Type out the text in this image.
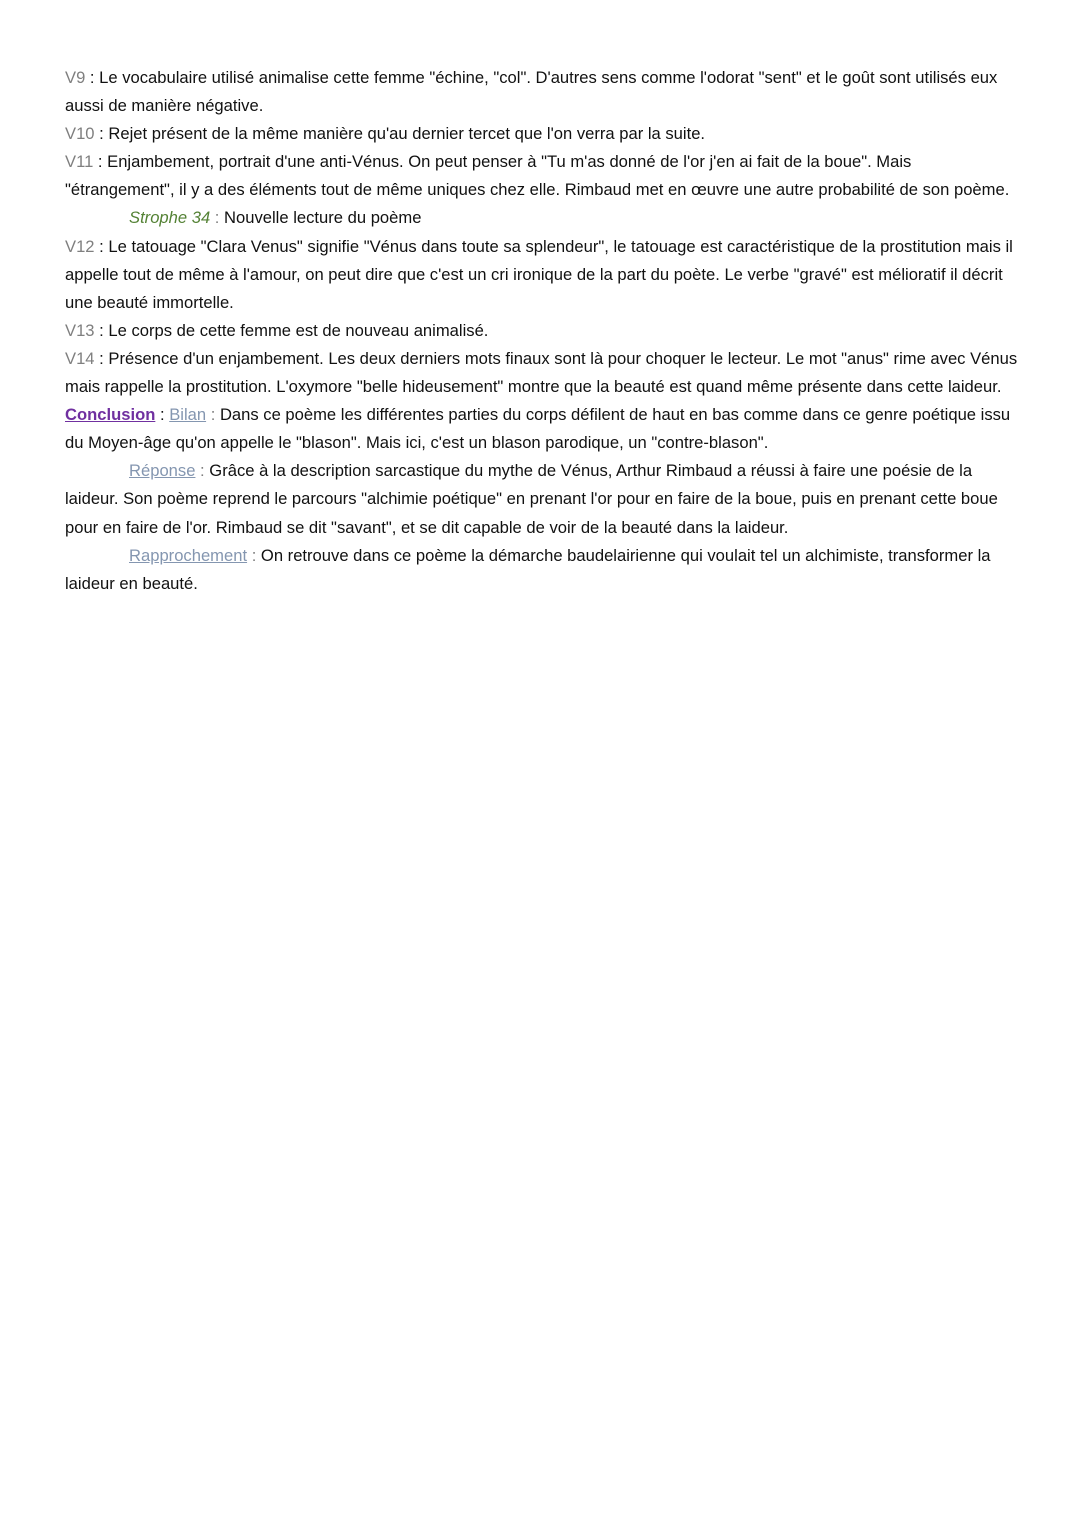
V9 : Le vocabulaire utilisé animalise cette femme "échine, "col". D'autres sens comme l'odorat "sent" et le goût sont utilisés eux aussi de manière négative.

V10 : Rejet présent de la même manière qu'au dernier tercet que l'on verra par la suite.

V11 : Enjambement, portrait d'une anti-Vénus. On peut penser à "Tu m'as donné de l'or j'en ai fait de la boue". Mais "étrangement", il y a des éléments tout de même uniques chez elle. Rimbaud met en œuvre une autre probabilité de son poème.

Strophe 34 : Nouvelle lecture du poème

V12 : Le tatouage "Clara Venus" signifie "Vénus dans toute sa splendeur", le tatouage est caractéristique de la prostitution mais il appelle tout de même à l'amour, on peut dire que c'est un cri ironique de la part du poète. Le verbe "gravé" est mélioratif il décrit une beauté immortelle.

V13 : Le corps de cette femme est de nouveau animalisé.

V14 : Présence d'un enjambement. Les deux derniers mots finaux sont là pour choquer le lecteur. Le mot "anus" rime avec Vénus mais rappelle la prostitution. L'oxymore "belle hideusement" montre que la beauté est quand même présente dans cette laideur.

Conclusion : Bilan : Dans ce poème les différentes parties du corps défilent de haut en bas comme dans ce genre poétique issu du Moyen-âge qu'on appelle le "blason". Mais ici, c'est un blason parodique, un "contre-blason".

Réponse : Grâce à la description sarcastique du mythe de Vénus, Arthur Rimbaud a réussi à faire une poésie de la laideur. Son poème reprend le parcours "alchimie poétique" en prenant l'or pour en faire de la boue, puis en prenant cette boue pour en faire de l'or. Rimbaud se dit "savant", et se dit capable de voir de la beauté dans la laideur.

Rapprochement : On retrouve dans ce poème la démarche baudelairienne qui voulait tel un alchimiste, transformer la laideur en beauté.
